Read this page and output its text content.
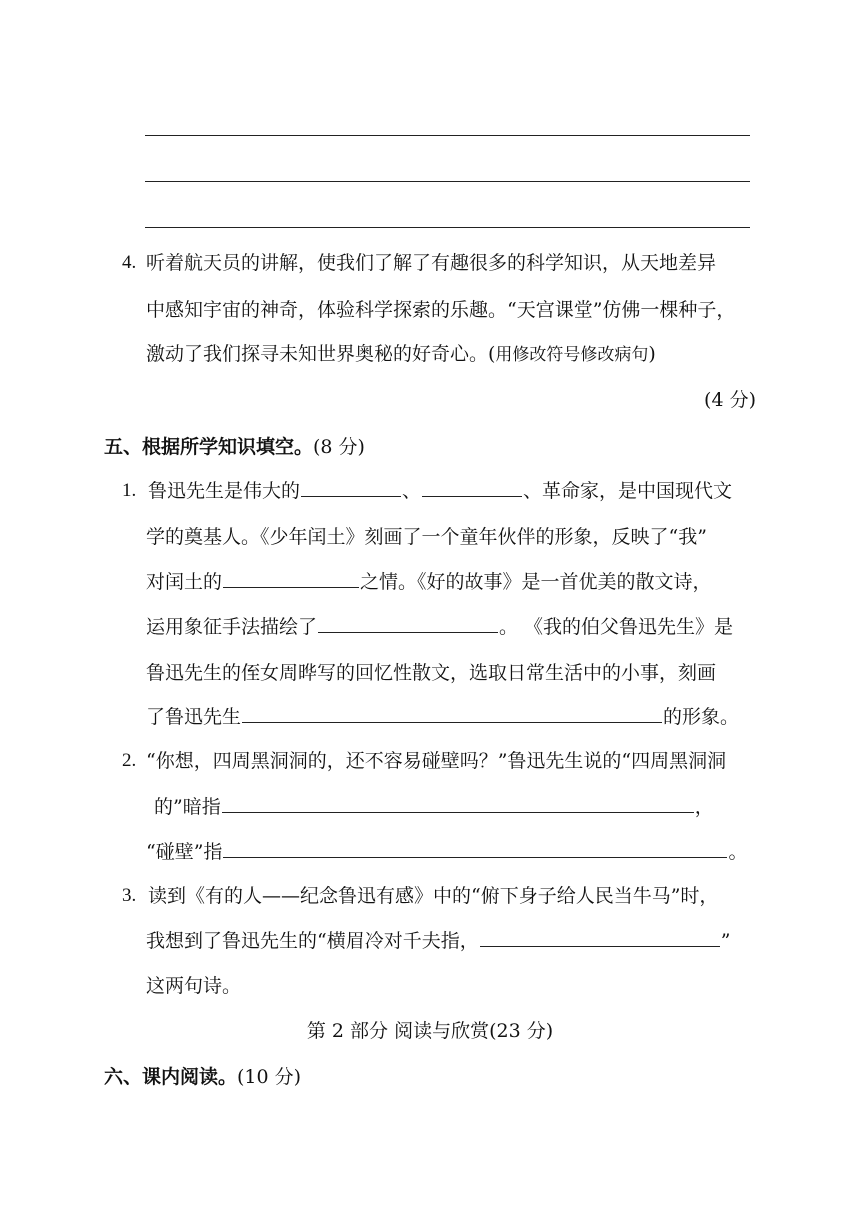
4. 听着航天员的讲解，使我们了解了有趣很多的科学知识，从天地差异
中感知宇宙的神奇，体验科学探索的乐趣。“天宫课堂”仿佛一棵种子，
激动了我们探寻未知世界奥秘的好奇心。(用修改符号修改病句)
(4 分)
五、根据所学知识填空。(8 分)
1. 鲁迅先生是伟大的	、	、革命家，是中国现代文
学的奠基人。《少年闰土》刻画了一个童年伙伴的形象，反映了“我”
对闰土的	之情。《好的故事》是一首优美的散文诗，
运用象征手法描绘了	。 《我的伯父鲁迅先生》是
鲁迅先生的侄女周晔写的回忆性散文，选取日常生活中的小事，刻画
了鲁迅先生	的形象。
2. “你想，四周黑洞洞的，还不容易碰壁吗？”鲁迅先生说的“四周黑洞洞
的”暗指	，
“碰壁”指	。
3. 读到《有的人——纪念鲁迅有感》中的“俯下身子给人民当牛马”时，
我想到了鲁迅先生的“横眉冷对千夫指，	”
这两句诗。
第 2 部分 阅读与欣赏(23 分)
六、课内阅读。(10 分)
